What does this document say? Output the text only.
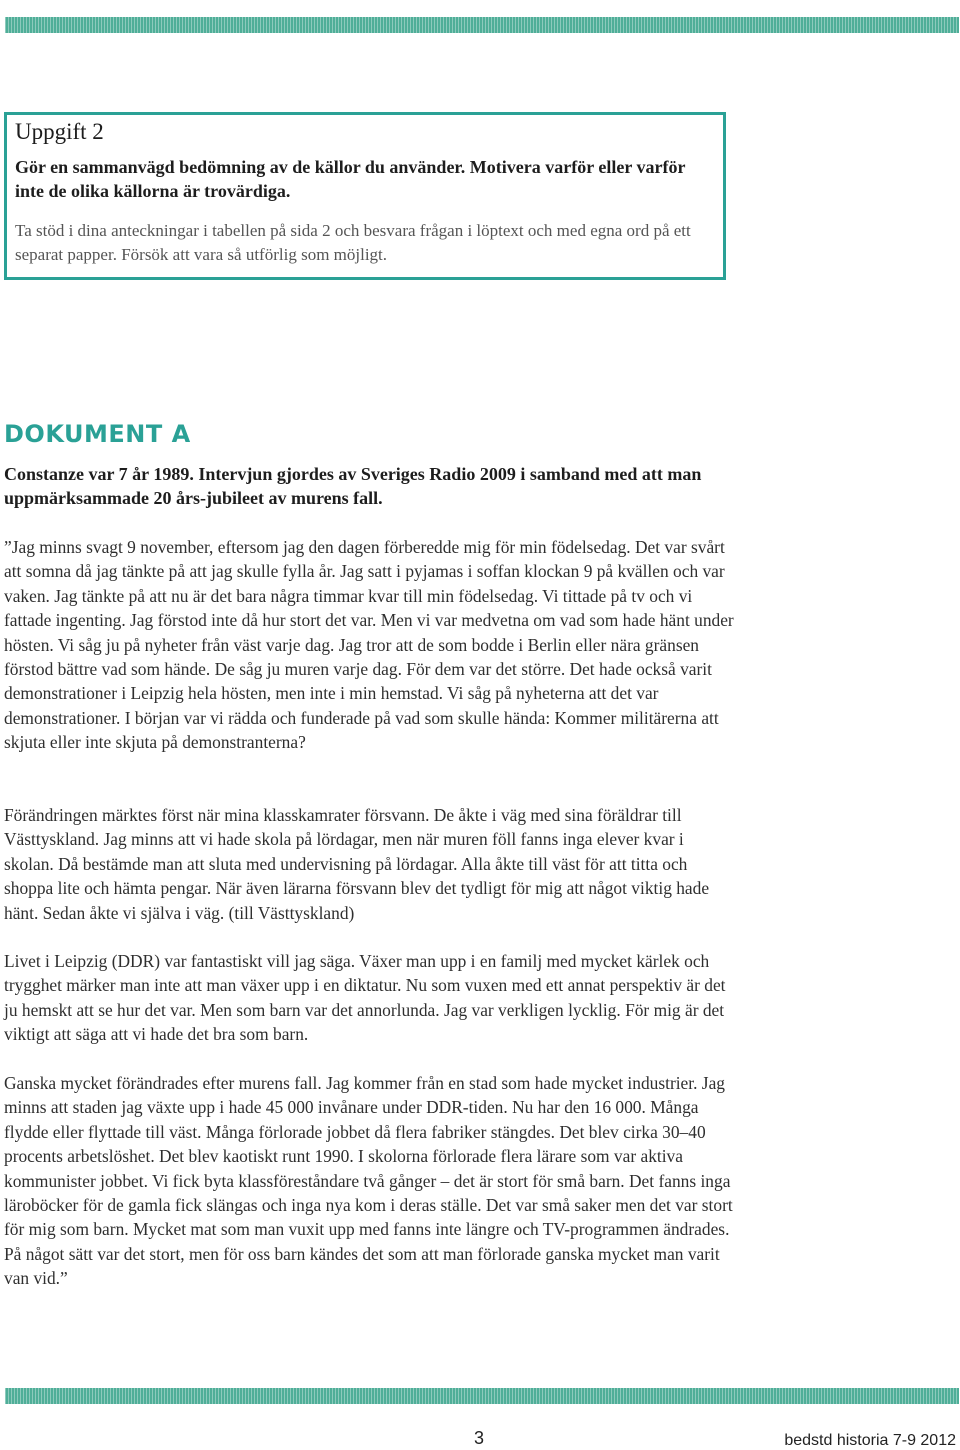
Uppgift 2
Gör en sammanvägd bedömning av de källor du använder. Motivera varför eller varför inte de olika källorna är trovärdiga.
Ta stöd i dina anteckningar i tabellen på sida 2 och besvara frågan i löptext och med egna ord på ett separat papper. Försök att vara så utförlig som möjligt.
DOKUMENT A
Constanze var 7 år 1989. Intervjun gjordes av Sveriges Radio 2009 i samband med att man uppmärksammade 20 års-jubileet av murens fall.

”Jag minns svagt 9 november, eftersom jag den dagen förberedde mig för min födelsedag. Det var svårt att somna då jag tänkte på att jag skulle fylla år. Jag satt i pyjamas i soffan klockan 9 på kvällen och var vaken. Jag tänkte på att nu är det bara några timmar kvar till min födelsedag. Vi tittade på tv och vi fattade ingenting. Jag förstod inte då hur stort det var. Men vi var medvetna om vad som hade hänt under hösten. Vi såg ju på nyheter från väst varje dag. Jag tror att de som bodde i Berlin eller nära gränsen förstod bättre vad som hände. De såg ju muren varje dag. För dem var det större. Det hade också varit demonstrationer i Leipzig hela hösten, men inte i min hemstad. Vi såg på nyheterna att det var demonstrationer. I början var vi rädda och funderade på vad som skulle hända: Kommer militärerna att skjuta eller inte skjuta på demonstranterna?

Förändringen märktes först när mina klasskamrater försvann. De åkte i väg med sina föräldrar till Västtyskland. Jag minns att vi hade skola på lördagar, men när muren föll fanns inga elever kvar i skolan. Då bestämde man att sluta med undervisning på lördagar. Alla åkte till väst för att titta och shoppa lite och hämta pengar. När även lärarna försvann blev det tydligt för mig att något viktig hade hänt. Sedan åkte vi själva i väg. (till Västtyskland)

Livet i Leipzig (DDR) var fantastiskt vill jag säga. Växer man upp i en familj med mycket kärlek och trygghet märker man inte att man växer upp i en diktatur. Nu som vuxen med ett annat perspektiv är det ju hemskt att se hur det var. Men som barn var det annorlunda. Jag var verkligen lycklig. För mig är det viktigt att säga att vi hade det bra som barn.

Ganska mycket förändrades efter murens fall. Jag kommer från en stad som hade mycket industrier. Jag minns att staden jag växte upp i hade 45 000 invånare under DDR-tiden. Nu har den 16 000. Många flydde eller flyttade till väst. Många förlorade jobbet då flera fabriker stängdes. Det blev cirka 30–40 procents arbetslöshet. Det blev kaotiskt runt 1990. I skolorna förlorade flera lärare som var aktiva kommunister jobbet. Vi fick byta klassföreståndare två gånger – det är stort för små barn. Det fanns inga läroböcker för de gamla fick slängas och inga nya kom i deras ställe. Det var små saker men det var stort för mig som barn. Mycket mat som man vuxit upp med fanns inte längre och TV-programmen ändrades. På något sätt var det stort, men för oss barn kändes det som att man förlorade ganska mycket man varit van vid.”

3	bedstd historia 7-9 2012
